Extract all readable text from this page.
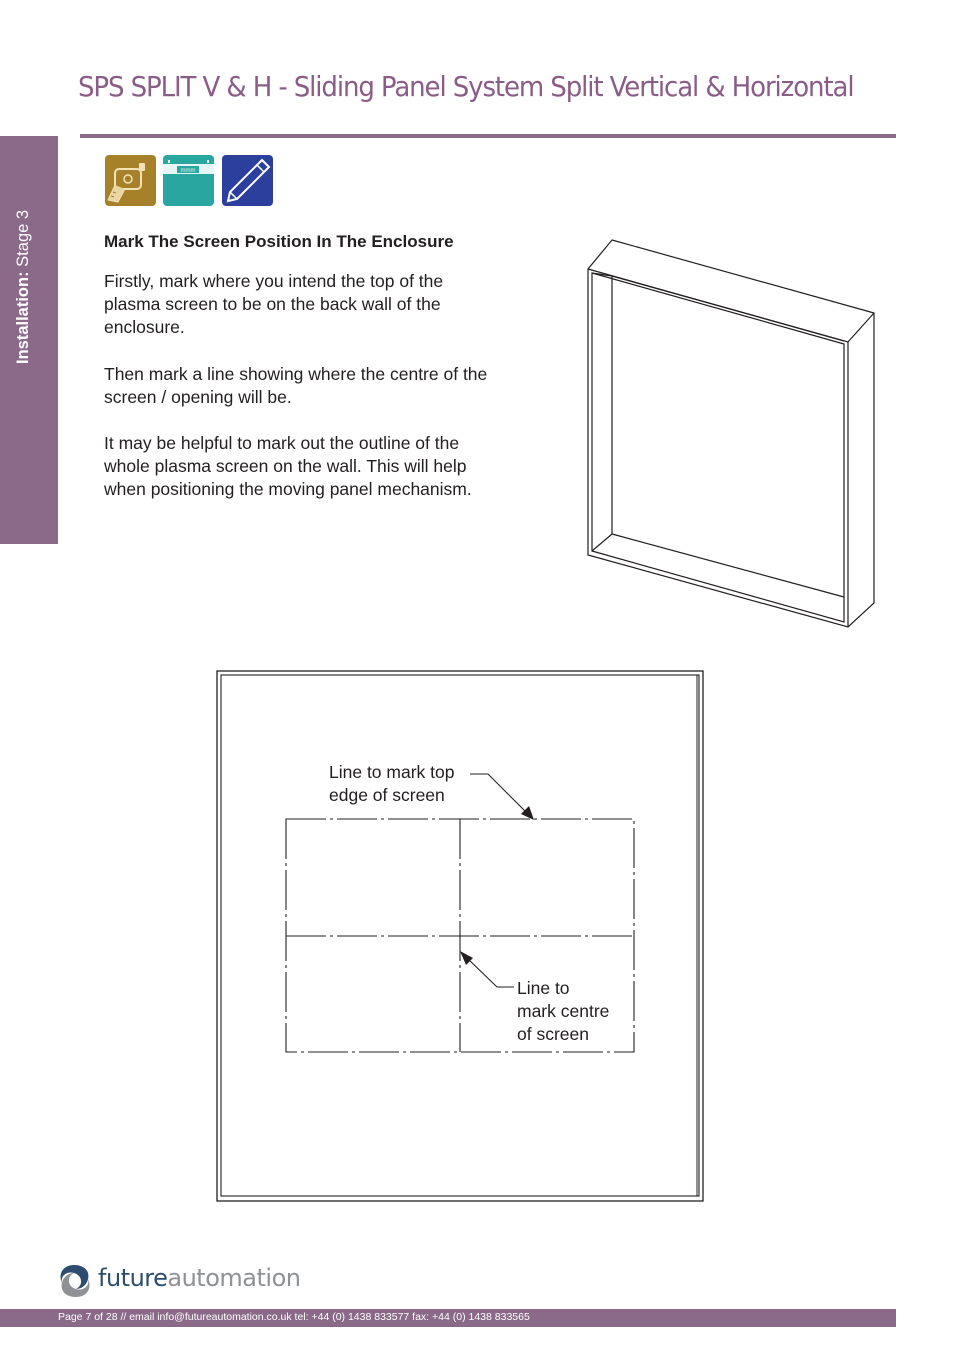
SPS SPLIT V & H - Sliding Panel System Split Vertical & Horizontal
Installation: Stage 3
mmm
Mark The Screen Position In The Enclosure

Firstly, mark where you intend the top of the plasma screen to be on the back wall of the enclosure.

Then mark a line showing where the centre of the screen / opening will be.

It may be helpful to mark out the outline of the whole plasma screen on the wall. This will help when positioning the moving panel mechanism.

Line to mark top
edge of screen
Line to
mark centre
of screen
futureautomation
Page 7 of 28 // email info@futureautomation.co.uk tel: +44 (0) 1438 833577 fax: +44 (0) 1438 833565
